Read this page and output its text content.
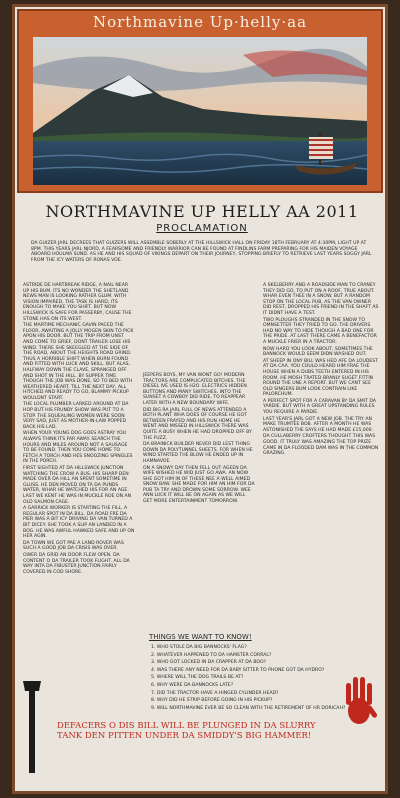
Northmavine Up·helly·aa
NORTHMAVINE UP HELLY AA 2011
PROCLAMATION

DA GUIZER JARL DECREES THAT GUIZERS WILL ASSEMBLE SOBERLY AT THE HILLSWICK HALL ON FRIDAY 18TH FEBRUARY AT 4:30PM, LIGHT UP AT 8PM. THIS YEARS JARL NJORD, A FEARSOME AND FRIENDLY WARRIOR CAN BE FOUND AT FINDLINS FARM PREPARING FOR HIS MAIDEN VOYAGE ABOARD HOULMA SUND. AS HE AND HIS SQUAD OF VIKINGS DEPART ON THEIR JOURNEY, STOPPING BRIEFLY TO RETRIEVE LAST YEARS SOGGY JARL FROM THE ICY WATERS OF RONAS VOE.

ASTRIDE DE HARTBREAK RIDGE, A NAIL NEAR UP HIS BUM. ITS NO WONDER THE SHETLAND NEWS MAN IS LOOKING RATHER GLUM. WITH VISION IMPAIRED, THE TASK IS HARD, ITS ENOUGH TO MAKE YOU SHIFT. BUT NOW HILLSWICK IS SAFE FOR PASSERBY, CAUSE THE STONE HAS ON ITS WEST.

THE MARTIME MECHANIC GAVIN PACED THE FLOOR, AWAITING A JOLLY MOGEN SKIN TO PICK APON HIS DOOR. BUT THE TRIP FROM UNST AND COME TO GRIEF, DONT TRAILER LOSE HIS WIND. THERE SHE SKEEGLED AT THE SIDE OF THE ROAD, ABOUT THE HEIGHTS ROAD GRIND. THUS A HORRIBLE SHIFT WHEN BURN FOUND AND FITTED WITH LUCK AND SKILL. BUT ALAS, HALFWAY DOWN THE CLAVE, SPRANGED OFF AND SHOT IN THE HILL. BY SUPPER TIME THOUGH THE JOB WAS DONE, SO TO BED WITH WEATHERED HEART. TILL THE NEXT DAY, ALL HITCHED AND READY TO GO, BLAMMY PICKUP WOULDNT START.

THE LOCAL PLUMBER LARKED AROUND AT DA HOP BUT HIS FRUNDY SHOW WAS PUT TO A STOP. THE SQUEALING WOMEN WERE SOON VERY SAD, JUST AS MOTHER-IN-LAW POPPED BACK HIS LAD.

WHEN YOUR YOUNG DOG GOES ASTRAY YOU ALWAYS THINK ITS FAR AWAY. SEARCH THE HOURS AND MILES AROUND NOT A SAUSAGE TO BE FOUND. THEN YOU COME HOME TO FETCH A TORCH AND HES SNOOZING SPINGLES IN THE PORCH.

FIRST SIGHTED AT DA HILLSWICK JUNCTION WATCHING THE CROW A BUS. HIS SHARP DEN MADE OVER DA HILL AN SPENT SOMETIME IN GLUSS. HE DEN MOVED ON TA DA PUNDS WATER, WHAR HE WATCHED HIS FOR AN AGE. LAST WE KENT HE WAS IN MUCKLE ROE ON AN OLD SALMON CAGE.

A GARRICK WORKER IS STARTING THE FILL, A REGULAR SPOT IN DA BILL. DA ROAD FRE DA PIER WAS A BIT ICY DRIVING DA VAN TURNED A BIT DICEY. SHE TOOK A SLIP AN LANDED IN A BOG. HE WAS AWFUL HAWKED SAFE AND UP ON HER AGIN.

DA TOWN WE GOT PAE A LAND ROVER WAS SUCH A GOOD JOB DA CRISIS WAS OVER.

OWER DA GRID AN DOOR FLEW OPEN. DA CONTENT O DA TRAILER TOOK FLIGHT. ALL DA WAY INTA DA FIBUSTER JUNCTION FAIRLY COVERED IN COD SHORE.

JEEPERS BOYS, MY VAN WONT GO! MODERN TRACTORS ARE COMPLICATED BITCHES. THE DIESEL IVE USED IS H2O. ELECTRICS HIDDEN BUTTONS AND MANY SWITCHES. INTO THE SUNSET A COWBOY DID RIDE, TO REAPPEAR LATER WITH A NEW BOUNDARY WIFE.

DID BIG RA JARL FULL OF NEWS ATTENDED A BOTH PLANT WHA DOES OF COURSE HE GOT BETWEEN FRAYED AND HIS RUN HOME HE WENT AND MISSED IN HILLSWICK THERE WAS QUITE A BUSY WHEN HE HAD DROPPED OFF BY THE FUZZ.

DA BRAINICK BUILDER NEVER DID LEST THING DOWN DA POLYTUNNEL SHEETS. FOR WHEN HE WIND STARTED THE BLOW HE ENDED UP IN HAMNAVOE.

ON A SNOWY DAY THEN FELL OUT AGEEN DA WIFE WISHED HE WID JUST GO AWA. AN NOW SHE GOT HIM IN OF THESE NEE A WELL AIMED SNOW BAW. SHE MADE FOR HIM AN HIM FOR DA PUB TA TRY AND DROWN SOME SORROW. WEE ANN LUCK IT WILL BE ON AGAIN AS WE WILL GET MORE ENTERTAINMENT TOMORROW.

A SKELBERRY AND A ROADSIDE MAN TO CRANEY THEY DID GO, TO PUT ON A ROOF, TRUE ABOUT. WHAR EVEN THEE IN A SNOW. BUT A RANDOM STOP ON THE LOCAL PUB, AS THE VAN OWNER DID REST, DROPPED HIS FRIEND IN THE SHAFT AS IT DIDNT HAVE A TEST.

TWO PLOUGHS STRANDED IN THE SNOW TO OMNSETTER THEY TRIED TO GO. THE DRIVERS HAD NO WAY TO HIDE THOUGH A BAD ONE FOR THE PRIDE. AT LAST THERE CAME A BENEFACTOR A MUCKLE FRIER IN A TRACTOR.

NOW HARD YOU LOOK ABOUT, SOMETIMES THE BANNOCK WOULD SEEM DIDN WASHED OUT.

AT SHEEP IN ONY BILL WAS HED AFE DA LOUDEST AT DA CAA. YOU COULD HEARD HIM FRAE THE HOUSE WHEN A DUBS TEETH ENTERED IN HIS ROOM. HE MOSH TRATED BRANLY SUGET FITTIN ROUND THE UNE A REPORT. BUT WE CANT SEE OLD SINGERS BUM LOOK CONTRAIN LIKE PALORCHUM.

A PERFECT SPOT FOR A CARAVAN BY DA SMIT DA YARDIE. BUT WITH A GREAT UPSTANDING RULES YOU REQUIRE A PARDIE.

LAST YEAR'S JARL GOT A NEW JOB. THE TRY AN MAKE TRUMTEE BOB. AFTER A MONTH HE WAS ASTONISHED THE SAYS HE HAD MADE £15,000.

DA CULLABERRY CROFTERS THOUGHT THIS WAS GOOD. IT TRULY WAS AMAZING THE TOP PRIZE CAME IN DA FLOODED DAM WAS IN THE COMMON GRAZING.

THINGS WE WANT TO KNOW!
1. WHO STOLE DA BIG BANNOCKS' FLAG?
2. WHATEVER HAPPENED TO DA HAMSTER CORRAL?
3. WHO GOT LOCKED IN DA CRAPPER AT DA BOO?
4. WAS THERE ANY NEED FOR DA BABY SITTER TO PHONE GOT DA HYDRO?
5. WHERE WILL THE DOG TRAILS BE AT?
6. WHY WERE DA BANNOCKS LATE?
7. DID THE TRACTOR HAVE A HINGED CYLINDER HEAD?
8. WHY DID HE STRIP BEFORE GOING IN HIS PICKUP?
9. WILL NORTHMAVINE EVER BE SO CLEAN WITH THE RETIREMENT OF HR DORICAH?
DEFACERS O DIS BILL WILL BE PLUNGED IN DA SLURRY
TANK DEN PITTEN UNDER DA SMIDDY'S BIG HAMMER!
